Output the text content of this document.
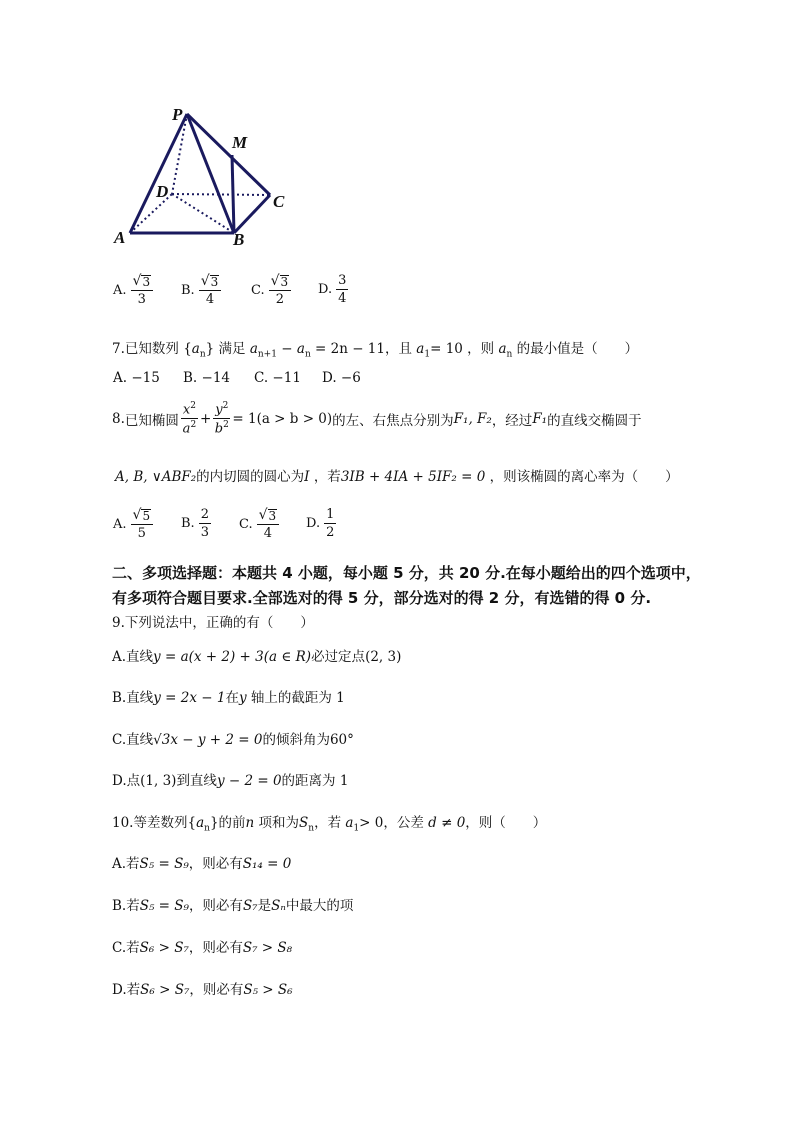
P
M
D
C
A	B
A. $\frac{√ 3}{3} B$. $\frac{√ 3}{4} C$. $\frac{√ 3}{2} D$. $\frac{3}{4}$
7.已知数列 $\{a_n\}$ 满足 $a_{n+1} - a_n = 2n - 11$，且 $a_1= 10$ ，则 $a_n$ 的最小值是（　　）
A. −15 B. −14 C. −11 D. −6
8. 已知椭圆 $\frac{x^2}{a^2} + \frac{y^2}{b^2} = 1(a > b > 0)$ 的左、右焦点分别为 F₁, F₂ ，经过 F₁ 的直线交椭圆于
A, B, ∨ABF₂的内切圆的圆心为I ，若3IB + 4IA + 5IF₂ = 0 ，则该椭圆的离心率为（　　）
A. $\frac{√ 5}{5} B$. $\frac{2}{3} C$. $\frac{√ 3}{4} D$. $\frac{1}{2}$
二、多项选择题：本题共 4 小题，每小题 5 分，共 20 分.在每小题给出的四个选项中，
有多项符合题目要求.全部选对的得 5 分，部分选对的得 2 分，有选错的得 0 分.
9.下列说法中，正确的有（　　）
A.直线y = a(x + 2) + 3(a ∈ R)必过定点(2, 3)
B.直线y = 2x − 1在y 轴上的截距为 1
C.直线√3x − y + 2 = 0的倾斜角为60°
D.点(1, 3)到直线y − 2 = 0的距离为 1
10.等差数列$\{a_n\}$的前n 项和为$S_n$，若 $a_1> 0$，公差 d ≠ 0，则（　　）
A.若S₅ = S₉，则必有S₁₄ = 0
B.若S₅ = S₉，则必有S₇是Sₙ中最大的项
C.若S₆ > S₇，则必有S₇ > S₈
D.若S₆ > S₇，则必有S₅ > S₆
